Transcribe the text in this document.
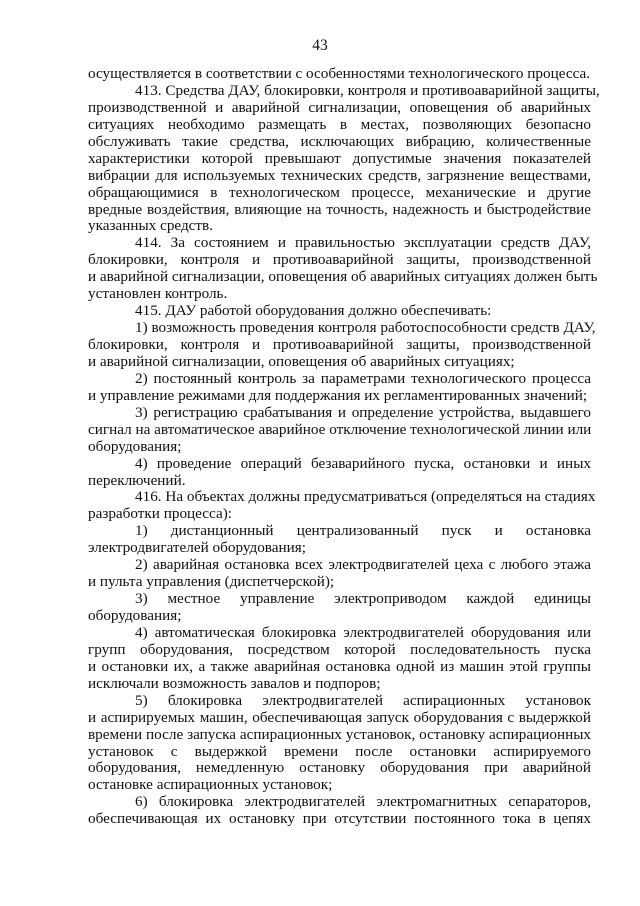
43
осуществляется в соответствии с особенностями технологического процесса.
413. Средства ДАУ, блокировки, контроля и противоаварийной защиты,
производственной и аварийной сигнализации, оповещения об аварийных
ситуациях необходимо размещать в местах, позволяющих безопасно
обслуживать такие средства, исключающих вибрацию, количественные
характеристики которой превышают допустимые значения показателей
вибрации для используемых технических средств, загрязнение веществами,
обращающимися в технологическом процессе, механические и другие
вредные воздействия, влияющие на точность, надежность и быстродействие
указанных средств.
414. За состоянием и правильностью эксплуатации средств ДАУ,
блокировки, контроля и противоаварийной защиты, производственной
и аварийной сигнализации, оповещения об аварийных ситуациях должен быть
установлен контроль.
415. ДАУ работой оборудования должно обеспечивать:
1) возможность проведения контроля работоспособности средств ДАУ,
блокировки, контроля и противоаварийной защиты, производственной
и аварийной сигнализации, оповещения об аварийных ситуациях;
2) постоянный контроль за параметрами технологического процесса
и управление режимами для поддержания их регламентированных значений;
3) регистрацию срабатывания и определение устройства, выдавшего
сигнал на автоматическое аварийное отключение технологической линии или
оборудования;
4) проведение операций безаварийного пуска, остановки и иных
переключений.
416. На объектах должны предусматриваться (определяться на стадиях
разработки процесса):
1) дистанционный централизованный пуск и остановка
электродвигателей оборудования;
2) аварийная остановка всех электродвигателей цеха с любого этажа
и пульта управления (диспетчерской);
3) местное управление электроприводом каждой единицы
оборудования;
4) автоматическая блокировка электродвигателей оборудования или
групп оборудования, посредством которой последовательность пуска
и остановки их, а также аварийная остановка одной из машин этой группы
исключали возможность завалов и подпоров;
5) блокировка электродвигателей аспирационных установок
и аспирируемых машин, обеспечивающая запуск оборудования с выдержкой
времени после запуска аспирационных установок, остановку аспирационных
установок с выдержкой времени после остановки аспирируемого
оборудования, немедленную остановку оборудования при аварийной
остановке аспирационных установок;
6) блокировка электродвигателей электромагнитных сепараторов,
обеспечивающая их остановку при отсутствии постоянного тока в цепях
